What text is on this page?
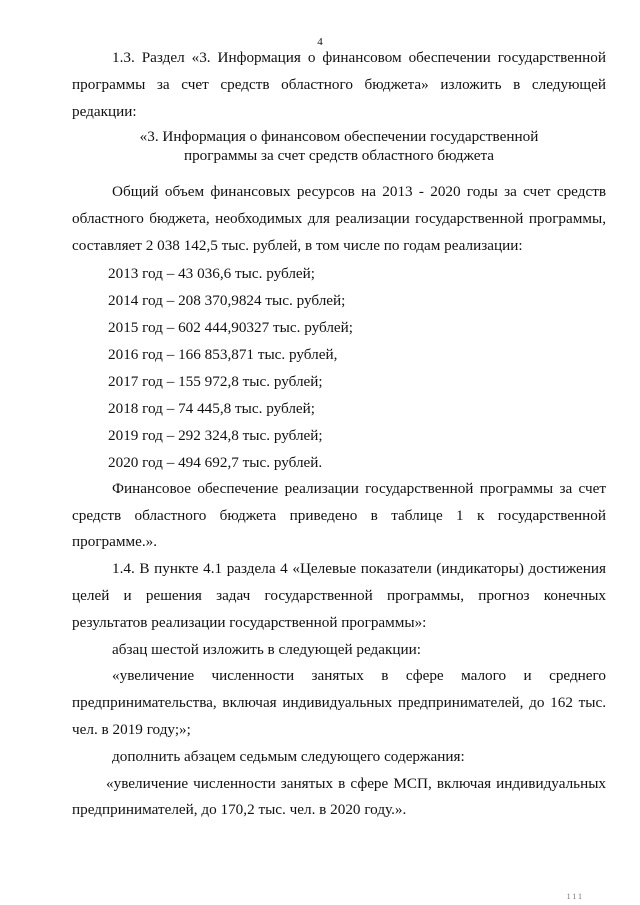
4

1.3. Раздел «3. Информация о финансовом обеспечении государственной программы за счет средств областного бюджета» изложить в следующей редакции:

«3. Информация о финансовом обеспечении государственной
программы за счет средств областного бюджета

Общий объем финансовых ресурсов на 2013 - 2020 годы за счет средств областного бюджета, необходимых для реализации государственной программы, составляет 2 038 142,5 тыс. рублей, в том числе по годам реализации:

2013 год – 43 036,6 тыс. рублей;
2014 год – 208 370,9824 тыс. рублей;
2015 год – 602 444,90327 тыс. рублей;
2016 год – 166 853,871 тыс. рублей,
2017 год – 155 972,8 тыс. рублей;
2018 год – 74 445,8 тыс. рублей;
2019 год – 292 324,8 тыс. рублей;
2020 год – 494 692,7 тыс. рублей.

Финансовое обеспечение реализации государственной программы за счет средств областного бюджета приведено в таблице 1 к государственной программе.».

1.4. В пункте 4.1 раздела 4 «Целевые показатели (индикаторы) достижения целей и решения задач государственной программы, прогноз конечных результатов реализации государственной программы»:

абзац шестой изложить в следующей редакции:

«увеличение численности занятых в сфере малого и среднего предпринимательства, включая индивидуальных предпринимателей, до 162 тыс. чел. в 2019 году;»;

дополнить абзацем седьмым следующего содержания:

«увеличение численности занятых в сфере МСП, включая индивидуальных предпринимателей, до 170,2 тыс. чел. в 2020 году.».

111
